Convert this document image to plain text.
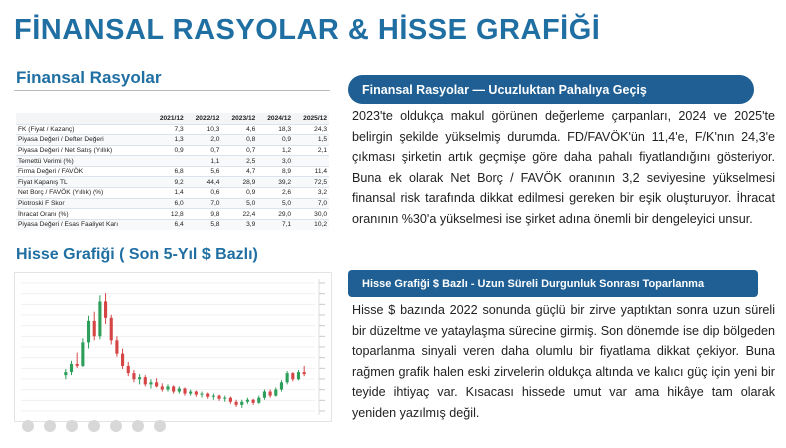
FİNANSAL RASYOLAR & HİSSE GRAFİĞİ
Finansal Rasyolar
	2021/12	2022/12	2023/12	2024/12	2025/12
FK (Fiyat / Kazanç)	7,3	10,3	4,6	18,3	24,3
Piyasa Değeri / Defter Değeri	1,3	2,0	0,8	0,9	1,5
Piyasa Değeri / Net Satış (Yıllık)	0,9	0,7	0,7	1,2	2,1
Temettü Verimi (%)		1,1	2,5	3,0	
Firma Değeri / FAVÖK	6,8	5,6	4,7	8,9	11,4
Fiyat Kapanış TL	9,2	44,4	28,9	39,2	72,5
Net Borç / FAVÖK (Yıllık) (%)	1,4	0,6	0,9	2,6	3,2
Piotroski F Skor	6,0	7,0	5,0	5,0	7,0
İhracat Oranı (%)	12,8	9,8	22,4	29,0	30,0
Piyasa Değeri / Esas Faaliyet Karı	6,4	5,8	3,9	7,1	10,2
Hisse Grafiği ( Son 5-Yıl $ Bazlı)
Finansal Rasyolar — Ucuzluktan Pahalıya Geçiş
2023'te oldukça makul görünen değerleme çarpanları, 2024 ve 2025'te belirgin şekilde yükselmiş durumda. FD/FAVÖK'ün 11,4'e, F/K'nın 24,3'e çıkması şirketin artık geçmişe göre daha pahalı fiyatlandığını gösteriyor. Buna ek olarak Net Borç / FAVÖK oranının 3,2 seviyesine yükselmesi finansal risk tarafında dikkat edilmesi gereken bir eşik oluşturuyor. İhracat oranının %30'a yükselmesi ise şirket adına önemli bir dengeleyici unsur.
Hisse Grafiği $ Bazlı - Uzun Süreli Durgunluk Sonrası Toparlanma
Hisse $ bazında 2022 sonunda güçlü bir zirve yaptıktan sonra uzun süreli bir düzeltme ve yataylaşma sürecine girmiş. Son dönemde ise dip bölgeden toparlanma sinyali veren daha olumlu bir fiyatlama dikkat çekiyor. Buna rağmen grafik halen eski zirvelerin oldukça altında ve kalıcı güç için yeni bir teyide ihtiyaç var. Kısacası hissede umut var ama hikâye tam olarak yeniden yazılmış değil.
